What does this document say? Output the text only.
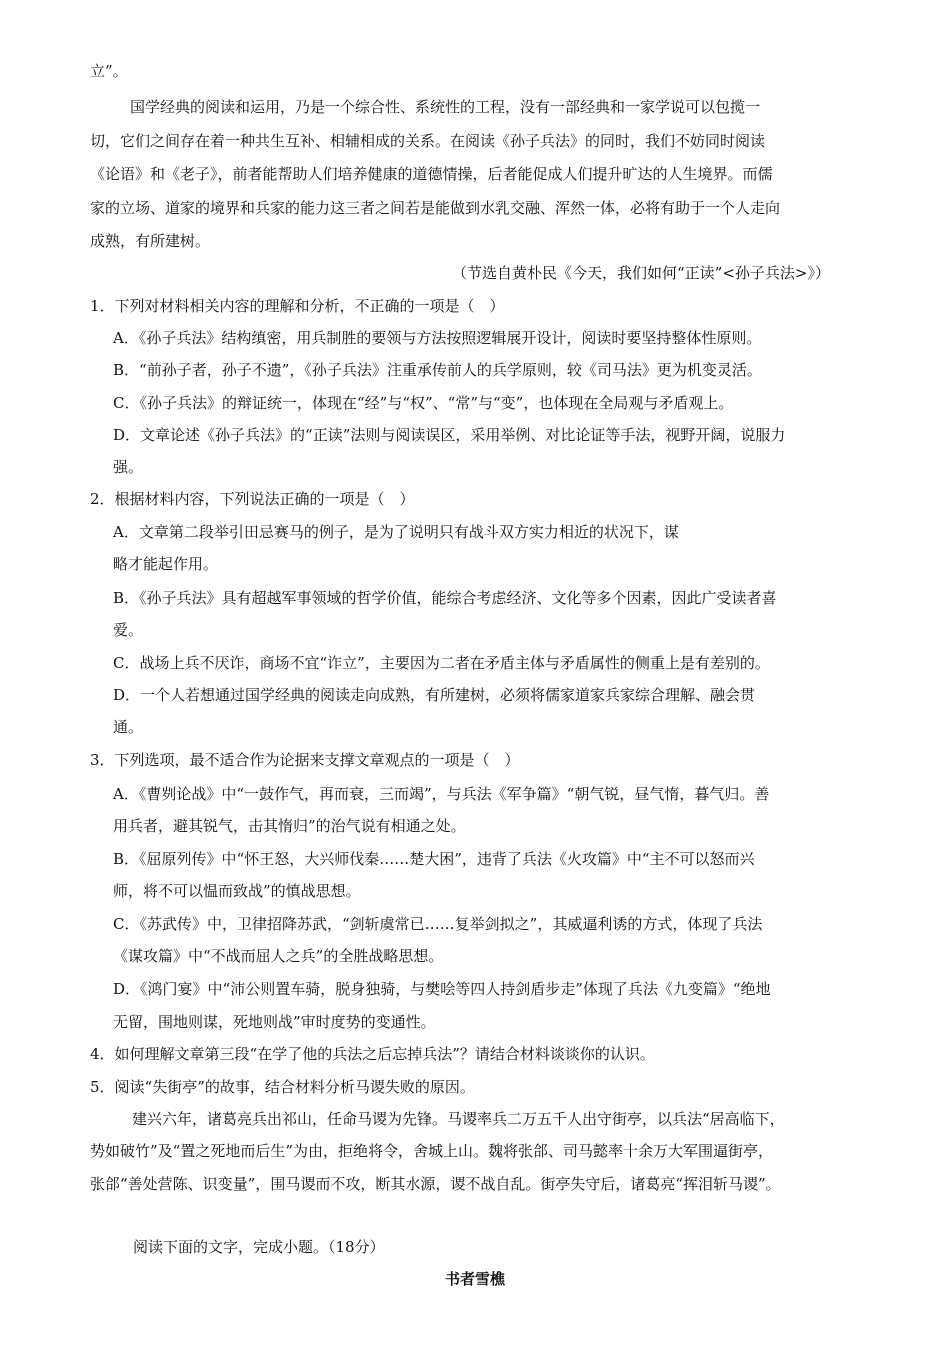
立”。
国学经典的阅读和运用，乃是一个综合性、系统性的工程，没有一部经典和一家学说可以包揽一
切，它们之间存在着一种共生互补、相辅相成的关系。在阅读《孙子兵法》的同时，我们不妨同时阅读
《论语》和《老子》，前者能帮助人们培养健康的道德情操，后者能促成人们提升旷达的人生境界。而儒
家的立场、道家的境界和兵家的能力这三者之间若是能做到水乳交融、浑然一体，必将有助于一个人走向
成熟，有所建树。
（节选自黄朴民《今天，我们如何“正读”<孙子兵法>》）
1．下列对材料相关内容的理解和分析，不正确的一项是（　）
A．《孙子兵法》结构缜密，用兵制胜的要领与方法按照逻辑展开设计，阅读时要坚持整体性原则。
B．“前孙子者，孙子不遗”，《孙子兵法》注重承传前人的兵学原则，较《司马法》更为机变灵活。
C．《孙子兵法》的辩证统一，体现在“经”与“权”、“常”与“变”，也体现在全局观与矛盾观上。
D．文章论述《孙子兵法》的“正读”法则与阅读误区，采用举例、对比论证等手法，视野开阔，说服力
强。
2．根据材料内容，下列说法正确的一项是（　）
A．文章第二段举引田忌赛马的例子，是为了说明只有战斗双方实力相近的状况下，谋
略才能起作用。
B．《孙子兵法》具有超越军事领域的哲学价值，能综合考虑经济、文化等多个因素，因此广受读者喜
爱。
C．战场上兵不厌诈，商场不宜“诈立”，主要因为二者在矛盾主体与矛盾属性的侧重上是有差别的。
D．一个人若想通过国学经典的阅读走向成熟，有所建树，必须将儒家道家兵家综合理解、融会贯
通。
3．下列选项，最不适合作为论据来支撑文章观点的一项是（　）
A．《曹刿论战》中“一鼓作气，再而衰，三而竭”，与兵法《军争篇》“朝气锐，昼气惰，暮气归。善
用兵者，避其锐气，击其惰归”的治气说有相通之处。
B．《屈原列传》中“怀王怒，大兴师伐秦……楚大困”，违背了兵法《火攻篇》中“主不可以怒而兴
师，将不可以愠而致战”的慎战思想。
C．《苏武传》中，卫律招降苏武，“剑斩虞常已……复举剑拟之”，其威逼利诱的方式，体现了兵法
《谋攻篇》中“不战而屈人之兵”的全胜战略思想。
D．《鸿门宴》中“沛公则置车骑，脱身独骑，与樊哙等四人持剑盾步走”体现了兵法《九变篇》“绝地
无留，围地则谋，死地则战”审时度势的变通性。
4．如何理解文章第三段“在学了他的兵法之后忘掉兵法”？请结合材料谈谈你的认识。
5．阅读“失街亭”的故事，结合材料分析马谡失败的原因。
建兴六年，诸葛亮兵出祁山，任命马谡为先锋。马谡率兵二万五千人出守街亭，以兵法“居高临下，
势如破竹”及“置之死地而后生”为由，拒绝将令，舍城上山。魏将张郃、司马懿率十余万大军围逼街亭，
张郃“善处营陈、识变量”，围马谡而不攻，断其水源，谡不战自乱。街亭失守后，诸葛亮“挥泪斩马谡”。
阅读下面的文字，完成小题。（18分）
书者雪樵
